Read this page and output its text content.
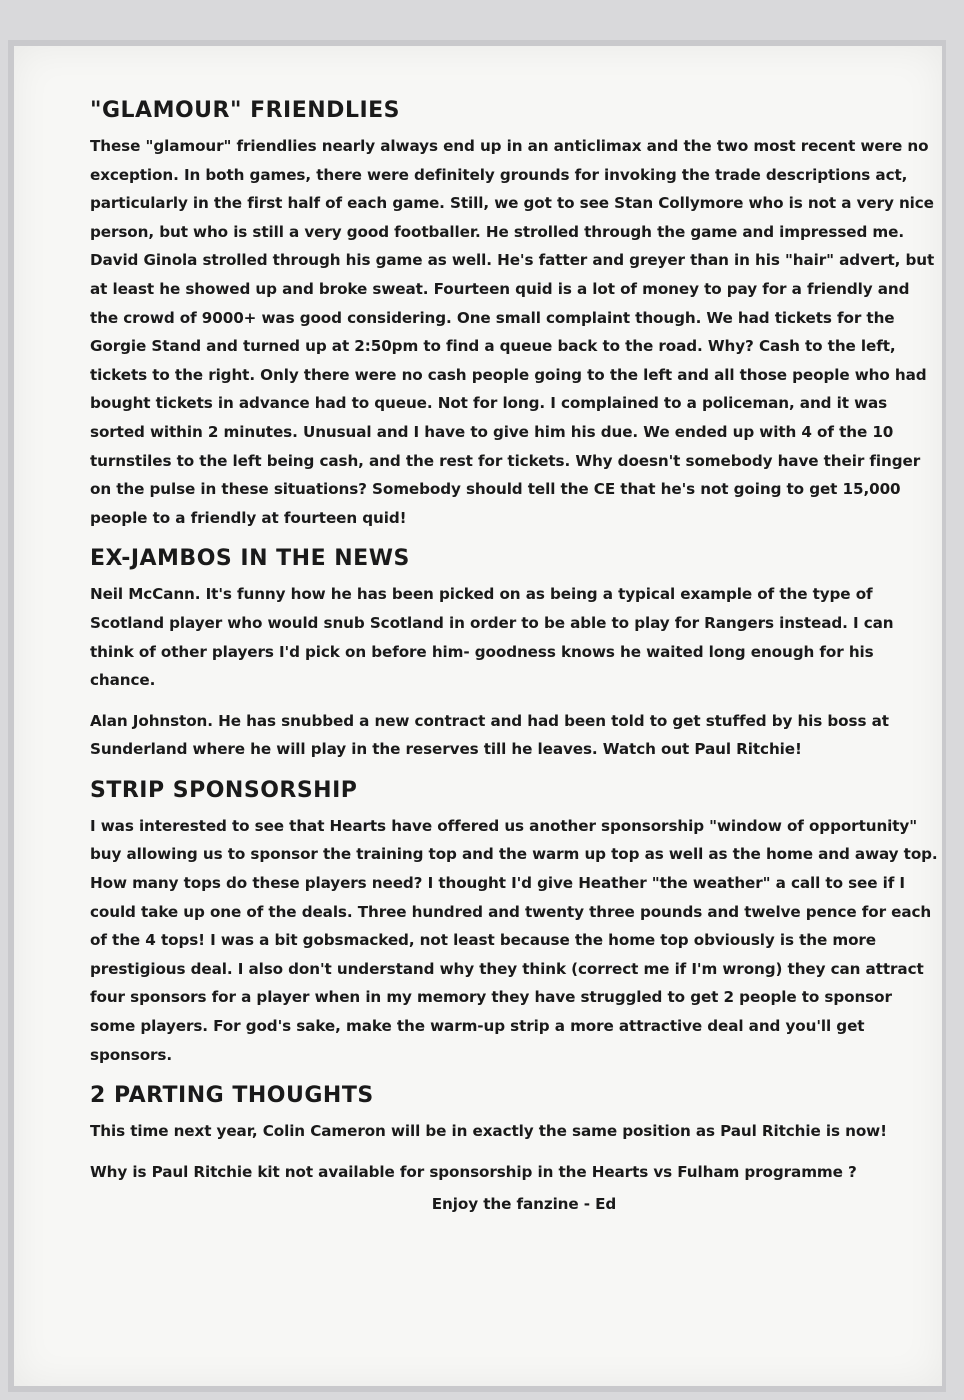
"GLAMOUR" FRIENDLIES

These "glamour" friendlies nearly always end up in an anticlimax and the two most recent were no exception. In both games, there were definitely grounds for invoking the trade descriptions act, particularly in the first half of each game. Still, we got to see Stan Collymore who is not a very nice person, but who is still a very good footballer. He strolled through the game and impressed me. David Ginola strolled through his game as well. He's fatter and greyer than in his "hair" advert, but at least he showed up and broke sweat. Fourteen quid is a lot of money to pay for a friendly and the crowd of 9000+ was good considering. One small complaint though. We had tickets for the Gorgie Stand and turned up at 2:50pm to find a queue back to the road. Why? Cash to the left, tickets to the right. Only there were no cash people going to the left and all those people who had bought tickets in advance had to queue. Not for long. I complained to a policeman, and it was sorted within 2 minutes. Unusual and I have to give him his due. We ended up with 4 of the 10 turnstiles to the left being cash, and the rest for tickets. Why doesn't somebody have their finger on the pulse in these situations? Somebody should tell the CE that he's not going to get 15,000 people to a friendly at fourteen quid!

EX-JAMBOS IN THE NEWS

Neil McCann. It's funny how he has been picked on as being a typical example of the type of Scotland player who would snub Scotland in order to be able to play for Rangers instead. I can think of other players I'd pick on before him- goodness knows he waited long enough for his chance.

Alan Johnston. He has snubbed a new contract and had been told to get stuffed by his boss at Sunderland where he will play in the reserves till he leaves. Watch out Paul Ritchie!

STRIP SPONSORSHIP

I was interested to see that Hearts have offered us another sponsorship "window of opportunity" buy allowing us to sponsor the training top and the warm up top as well as the home and away top. How many tops do these players need? I thought I'd give Heather "the weather" a call to see if I could take up one of the deals. Three hundred and twenty three pounds and twelve pence for each of the 4 tops! I was a bit gobsmacked, not least because the home top obviously is the more prestigious deal. I also don't understand why they think (correct me if I'm wrong) they can attract four sponsors for a player when in my memory they have struggled to get 2 people to sponsor some players. For god's sake, make the warm-up strip a more attractive deal and you'll get sponsors.

2 PARTING THOUGHTS

This time next year, Colin Cameron will be in exactly the same position as Paul Ritchie is now!

Why is Paul Ritchie kit not available for sponsorship in the Hearts vs Fulham programme ?

Enjoy the fanzine - Ed
